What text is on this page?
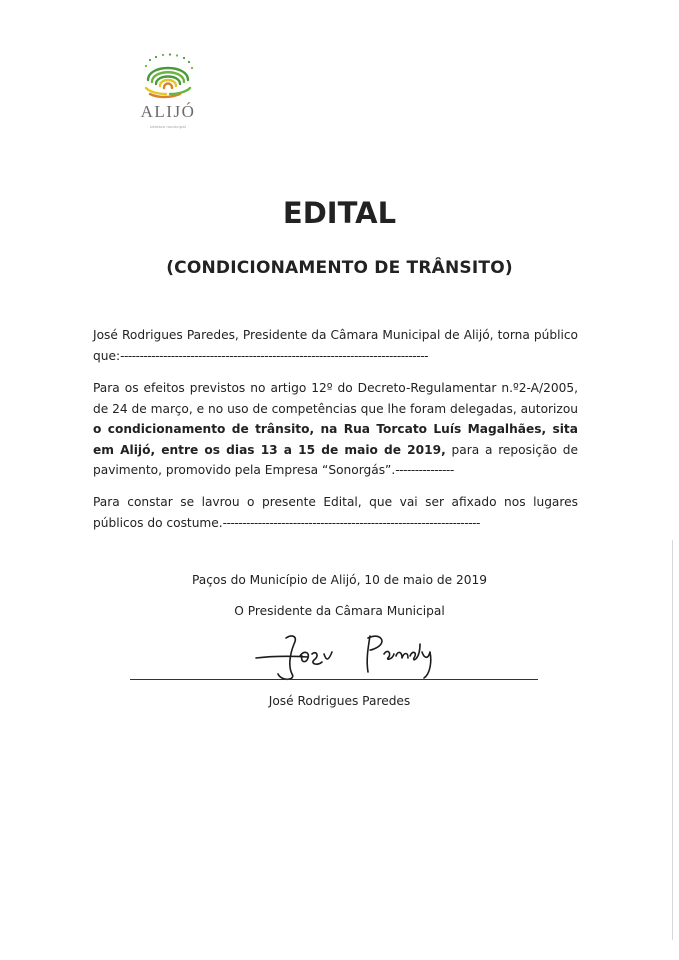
ALIJÓ
câmara municipal
EDITAL
(CONDICIONAMENTO DE TRÂNSITO)
José Rodrigues Paredes, Presidente da Câmara Municipal de Alijó, torna público que:-------------------------------------------------------------------------------
Para os efeitos previstos no artigo 12º do Decreto-Regulamentar n.º2-A/2005, de 24 de março, e no uso de competências que lhe foram delegadas, autorizou o condicionamento de trânsito, na Rua Torcato Luís Magalhães, sita em Alijó, entre os dias 13 a 15 de maio de 2019, para a reposição de pavimento, promovido pela Empresa “Sonorgás”.---------------
Para constar se lavrou o presente Edital, que vai ser afixado nos lugares públicos do costume.------------------------------------------------------------------
Paços do Município de Alijó, 10 de maio de 2019
O Presidente da Câmara Municipal
José Rodrigues Paredes
